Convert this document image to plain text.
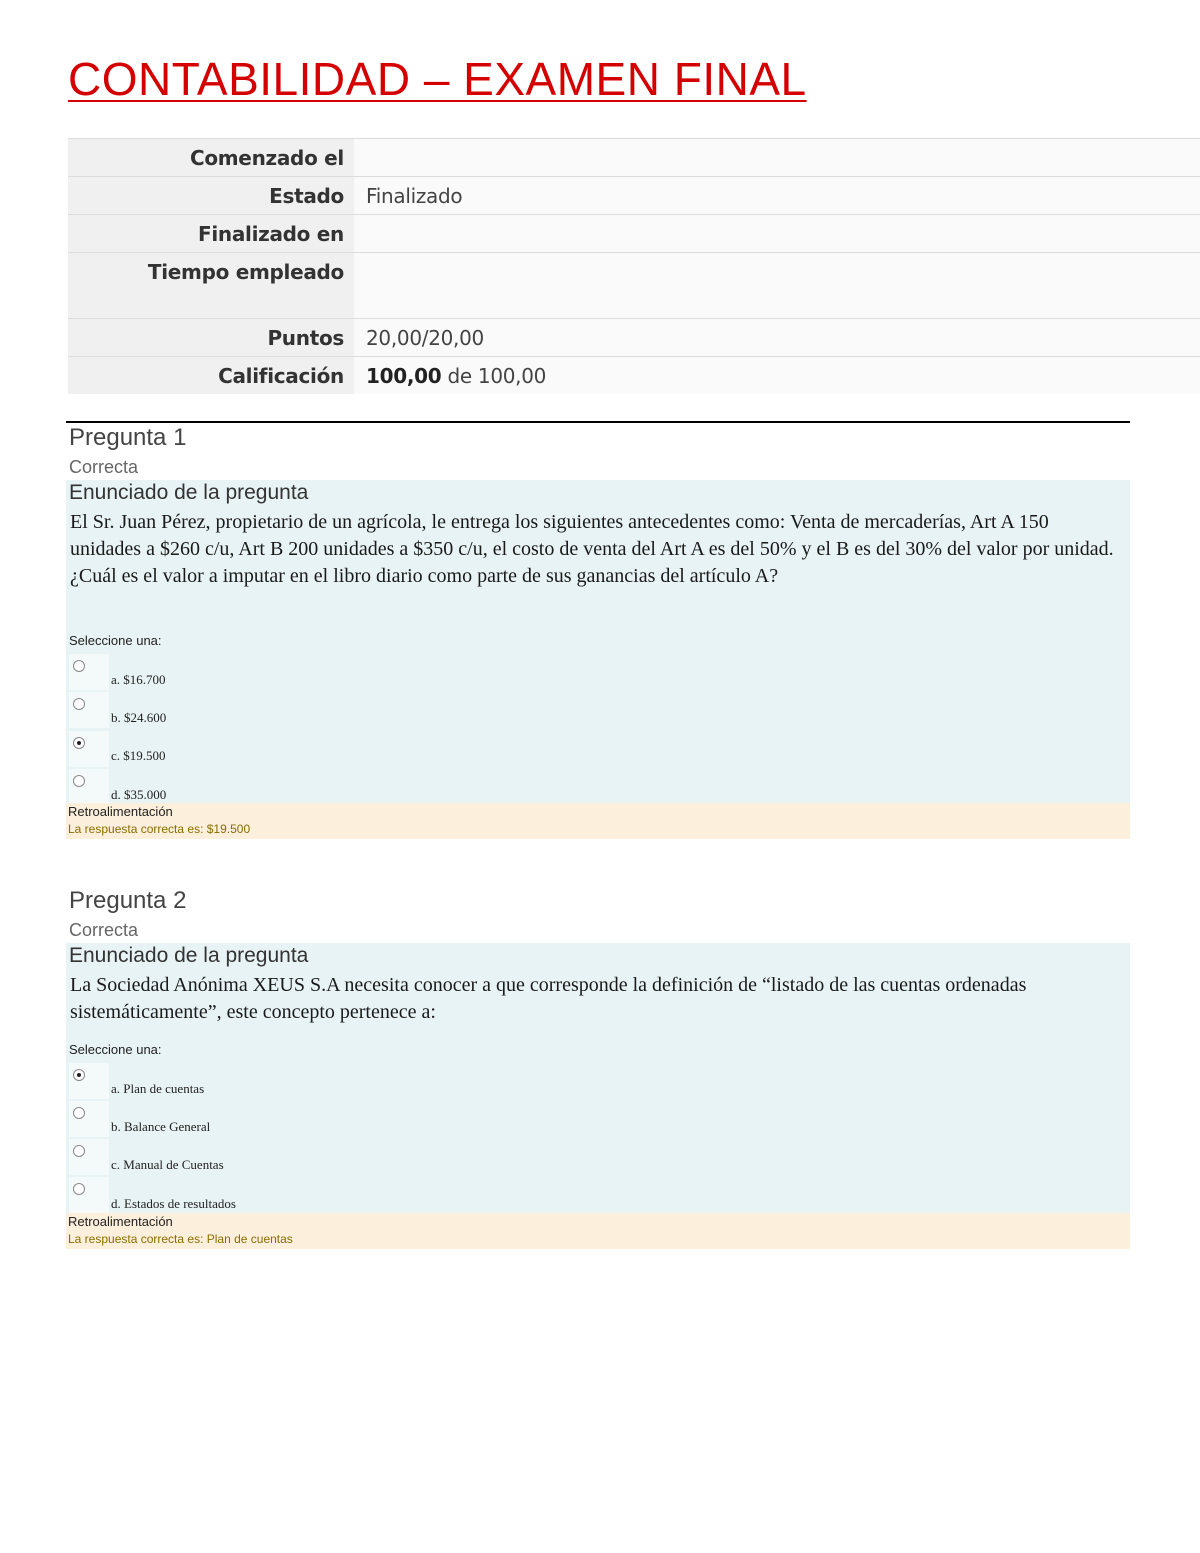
CONTABILIDAD – EXAMEN FINAL
Comenzado el	
Estado	Finalizado
Finalizado en	
Tiempo empleado	
Puntos	20,00/20,00
Calificación	100,00 de 100,00
Pregunta 1
Correcta
Enunciado de la pregunta
El Sr. Juan Pérez, propietario de un agrícola, le entrega los siguientes antecedentes como: Venta de mercaderías, Art A 150 unidades a $260 c/u, Art B 200 unidades a $350 c/u, el costo de venta del Art A es del 50% y el B es del 30% del valor por unidad. ¿Cuál es el valor a imputar en el libro diario como parte de sus ganancias del artículo A?
Seleccione una:
a. $16.700
b. $24.600
c. $19.500
d. $35.000
Retroalimentación
La respuesta correcta es: $19.500
Pregunta 2
Correcta
Enunciado de la pregunta
La Sociedad Anónima XEUS S.A necesita conocer a que corresponde la definición de “listado de las cuentas ordenadas sistemáticamente”, este concepto pertenece a:
Seleccione una:
a. Plan de cuentas
b. Balance General
c. Manual de Cuentas
d. Estados de resultados
Retroalimentación
La respuesta correcta es: Plan de cuentas
